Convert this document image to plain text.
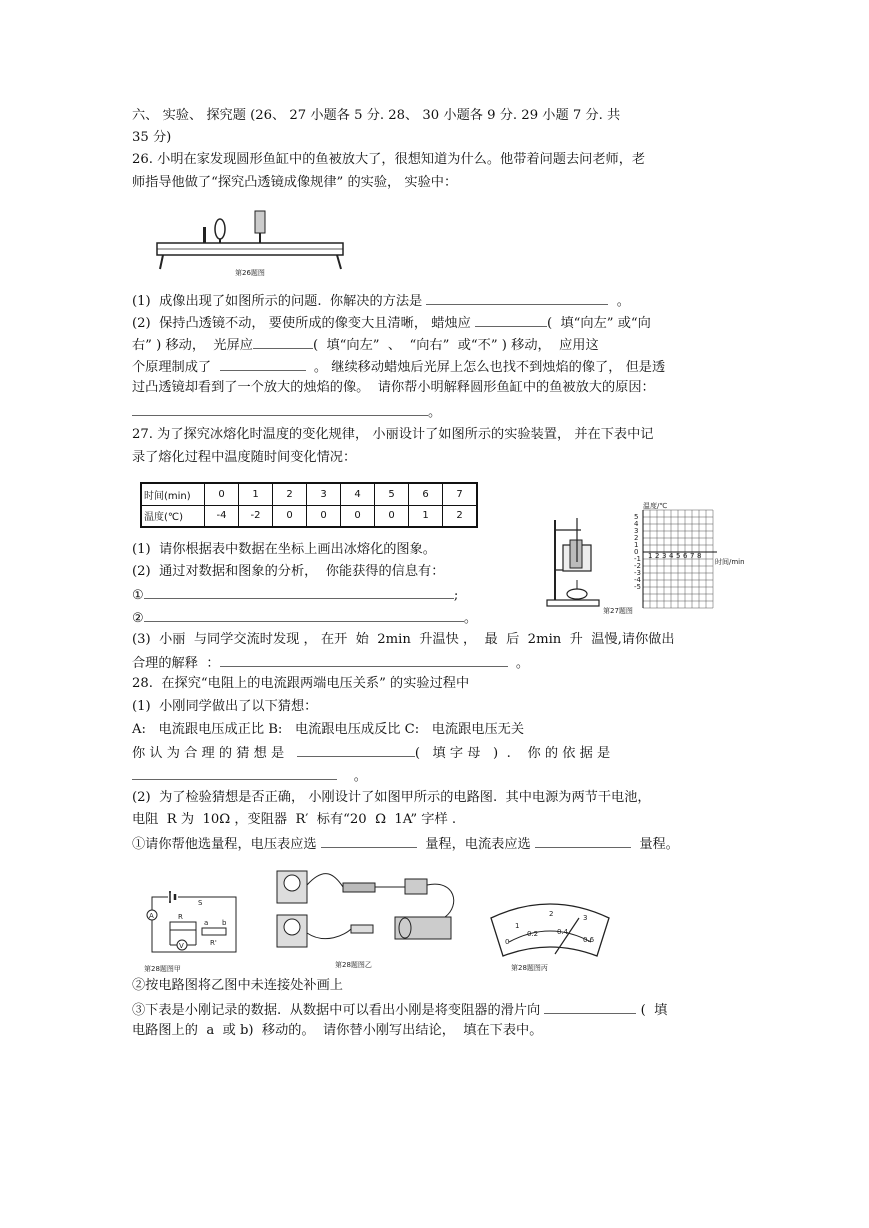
六、 实验、 探究题 (26、 27 小题各 5 分. 28、 30 小题各 9 分. 29 小题 7 分. 共
35 分)
26. 小明在家发现圆形鱼缸中的鱼被放大了，很想知道为什么。他带着问题去问老师，老
师指导他做了“探究凸透镜成像规律” 的实验， 实验中：
第26题图
(1)  成像出现了如图所示的问题.  你解决的方法是	。
(2)  保持凸透镜不动， 要使所成的像变大且清晰， 蜡烛应	(  填“向左” 或“向
右” ) 移动，  光屏应	(  填“向左”  、  “向右”  或“不” ) 移动，  应用这
个原理制成了	。 继续移动蜡烛后光屏上怎么也找不到烛焰的像了， 但是透
过凸透镜却看到了一个放大的烛焰的像。  请你帮小明解释圆形鱼缸中的鱼被放大的原因：
。
27. 为了探究冰熔化时温度的变化规律， 小丽设计了如图所示的实验装置， 并在下表中记
录了熔化过程中温度随时间变化情况：
时间(min)	0	1	2	3	4	5	6	7
温度(℃)	-4	-2	0	0	0	0	1	2
第27题图
5
4
3
2
1
0
-1
-2
-3
-4
-5
1 2 3 4 5 6 7 8
温度/℃
时间/min
(1)  请你根据表中数据在坐标上画出冰熔化的图象。
(2)  通过对数据和图象的分析，  你能获得的信息有：
①	;
②	。
(3)  小丽  与同学交流时发现 ， 在开  始  2min  升温快 ，  最  后  2min  升  温慢,请你做出
合理的解释  ：	。
28.  在探究“电阻上的电流跟两端电压关系” 的实验过程中
(1)  小刚同学做出了以下猜想：
A:   电流跟电压成正比 B:   电流跟电压成反比 C:   电流跟电压无关
你 认 为 合 理 的 猜 想 是	(   填 字 母   )  .    你 的 依 据 是
。
(2)  为了检验猜想是否正确， 小刚设计了如图甲所示的电路图.  其中电源为两节干电池，
电阻  R 为  10Ω ，变阻器  R′  标有“20  Ω  1A” 字样 .
①请你帮他选量程，电压表应选	量程，电流表应选	量程。
S
A	R
a b
R'
V
第28题图甲	第28题图乙
1
2	3
0
0.2	0.4
0.6
第28题图丙
②按电路图将乙图中未连接处补画上
③下表是小刚记录的数据.  从数据中可以看出小刚是将变阻器的滑片向	(  填
电路图上的  a  或 b)  移动的。  请你替小刚写出结论，  填在下表中。
